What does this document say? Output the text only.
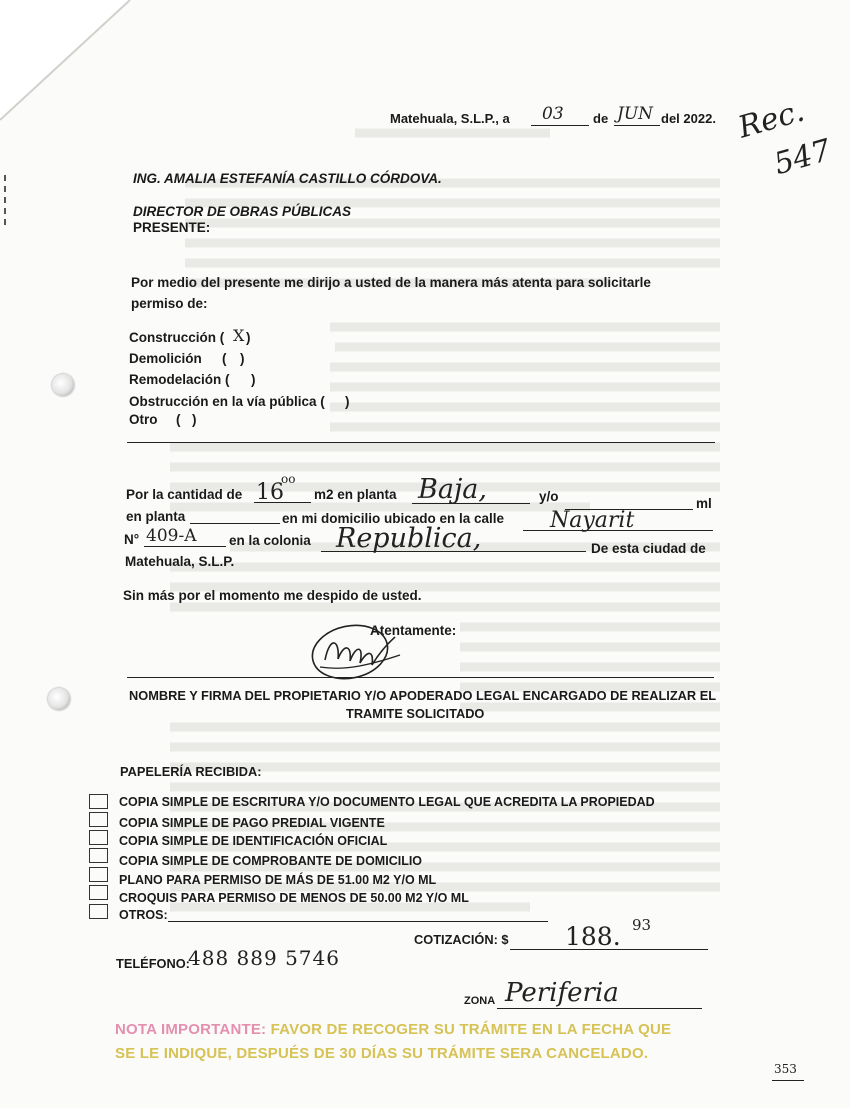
Matehuala, S.L.P., a 03 de JUN del 2022. Rec.
547
ING. AMALIA ESTEFANÍA CASTILLO CÓRDOVA.
DIRECTOR DE OBRAS PÚBLICAS
PRESENTE:
Por medio del presente me dirijo a usted de la manera más atenta para solicitarle
permiso de:
Construcción ( X )
Demolición ( )
Remodelación ( )
Obstrucción en la vía pública ( )
Otro ( )
Por la cantidad de 16
oo
m2 en planta Baja,	y/o	ml
en planta	en mi domicilio ubicado en la calle Nayarit
N° 409-A en la colonia Republica,	De esta ciudad de
Matehuala, S.L.P.
Sin más por el momento me despido de usted.
Atentamente:
NOMBRE Y FIRMA DEL PROPIETARIO Y/O APODERADO LEGAL ENCARGADO DE REALIZAR EL
TRAMITE SOLICITADO
PAPELERÍA RECIBIDA:
COPIA SIMPLE DE ESCRITURA Y/O DOCUMENTO LEGAL QUE ACREDITA LA PROPIEDAD
COPIA SIMPLE DE PAGO PREDIAL VIGENTE
COPIA SIMPLE DE IDENTIFICACIÓN OFICIAL
COPIA SIMPLE DE COMPROBANTE DE DOMICILIO
PLANO PARA PERMISO DE MÁS DE 51.00 M2 Y/O ML
CROQUIS PARA PERMISO DE MENOS DE 50.00 M2 Y/O ML
OTROS:
COTIZACIÓN: $ 188. 93
TELÉFONO:
488 889 5746
ZONA Periferia
NOTA IMPORTANTE: FAVOR DE RECOGER SU TRÁMITE EN LA FECHA QUE
SE LE INDIQUE, DESPUÉS DE 30 DÍAS SU TRÁMITE SERA CANCELADO.
353
